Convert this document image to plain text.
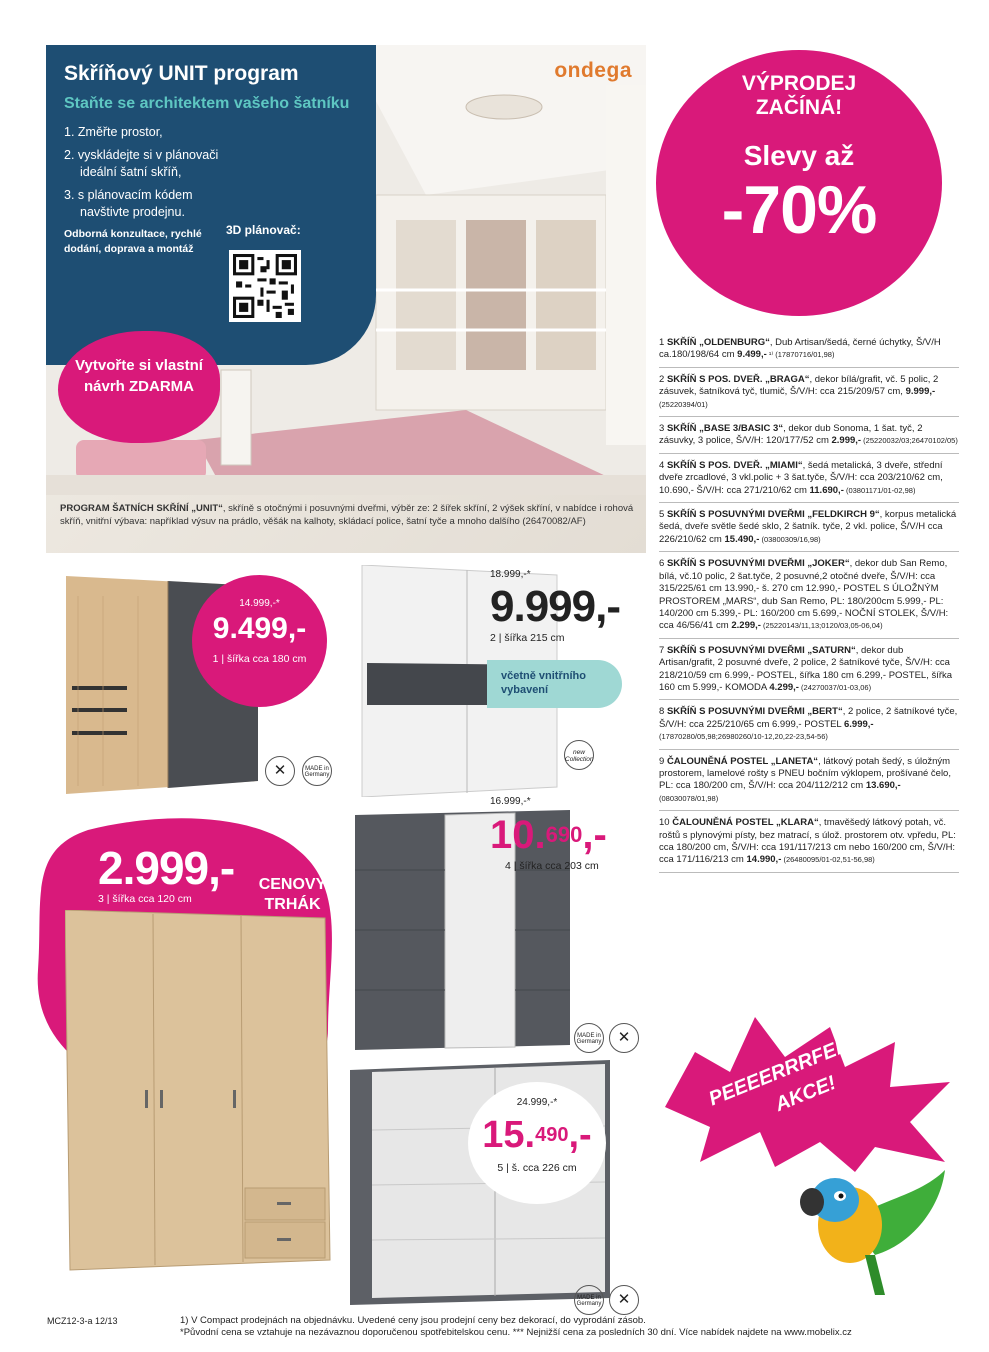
Skříňový UNIT program
Staňte se architektem vašeho šatníku
1. Změřte prostor,
2. vyskládejte si v plánovači ideální šatní skříň,
3. s plánovacím kódem navštivte prodejnu.
Odborná konzultace, rychlé dodání, doprava a montáž
3D plánovač:
ondega
Vytvořte si vlastní návrh ZDARMA
PROGRAM ŠATNÍCH SKŘÍNÍ „UNIT“, skříně s otočnými i posuvnými dveřmi, výběr ze: 2 šířek skříní, 2 výšek skříní, v nabídce i rohová skříň, vnitřní výbava: například výsuv na prádlo, věšák na kalhoty, skládací police, šatní tyče a mnoho dalšího (26470082/AF)
VÝPRODEJ ZAČÍNÁ!
Slevy až
-70%
1 SKŘÍŇ „OLDENBURG“, Dub Artisan/šedá, černé úchytky, Š/V/H ca.180/198/64 cm 9.499,- ¹⁾ (17870716/01,98)
2 SKŘÍŇ S POS. DVEŘ. „BRAGA“, dekor bílá/grafit, vč. 5 polic, 2 zásuvek, šatníková tyč, tlumič, Š/V/H: cca 215/209/57 cm, 9.999,- (25220394/01)
3 SKŘÍŇ „BASE 3/BASIC 3“, dekor dub Sonoma, 1 šat. tyč, 2 zásuvky, 3 police, Š/V/H: 120/177/52 cm 2.999,- (25220032/03;26470102/05)
4 SKŘÍŇ S POS. DVEŘ. „MIAMI“, šedá metalická, 3 dveře, střední dveře zrcadlové, 3 vkl.polic + 3 šat.tyče, Š/V/H: cca 203/210/62 cm, 10.690,- Š/V/H: cca 271/210/62 cm 11.690,- (03801171/01-02,98)
5 SKŘÍŇ S POSUVNÝMI DVEŘMI „FELDKIRCH 9“, korpus metalická šedá, dveře světle šedé sklo, 2 šatník. tyče, 2 vkl. police, Š/V/H cca 226/210/62 cm 15.490,- (03800309/16,98)
6 SKŘÍŇ S POSUVNÝMI DVEŘMI „JOKER“, dekor dub San Remo, bílá, vč.10 polic, 2 šat.tyče, 2 posuvné,2 otočné dveře, Š/V/H: cca 315/225/61 cm 13.990,- š. 270 cm 12.990,- POSTEL S ÚLOŽNÝM PROSTOREM „MARS“, dub San Remo, PL: 180/200cm 5.999,- PL: 140/200 cm 5.399,- PL: 160/200 cm 5.699,- NOČNÍ STOLEK, Š/V/H: cca 46/56/41 cm 2.299,- (25220143/11,13;0120/03,05-06,04)
7 SKŘÍŇ S POSUVNÝMI DVEŘMI „SATURN“, dekor dub Artisan/grafit, 2 posuvné dveře, 2 police, 2 šatníkové tyče, Š/V/H: cca 218/210/59 cm 6.999,- POSTEL, šířka 180 cm 6.299,- POSTEL, šířka 160 cm 5.999,- KOMODA 4.299,- (24270037/01-03,06)
8 SKŘÍŇ S POSUVNÝMI DVEŘMI „BERT“, 2 police, 2 šatníkové tyče, Š/V/H: cca 225/210/65 cm 6.999,- POSTEL 6.999,- (17870280/05,98;26980260/10-12,20,22-23,54-56)
9 ČALOUNĚNÁ POSTEL „LANETA“, látkový potah šedý, s úložným prostorem, lamelové rošty s PNEU bočním výklopem, prošívané čelo, PL: cca 180/200 cm, Š/V/H: cca 204/112/212 cm 13.690,- (08030078/01,98)
10 ČALOUNĚNÁ POSTEL „KLARA“, tmavěšedý látkový potah, vč. roštů s plynovými písty, bez matrací, s úlož. prostorem otv. vpředu, PL: cca 180/200 cm, Š/V/H: cca 191/117/213 cm nebo 160/200 cm, Š/V/H: cca 171/116/213 cm 14.990,- (26480095/01-02,51-56,98)
14.999,-*
9.499,-
1 | šířka cca 180 cm
✕	MADE in Germany
18.999,-*
9.999,-
2 | šířka 215 cm
včetně vnitřního vybavení
new Collection
2.999,-
3 | šířka cca 120 cm
CENOVÝ TRHÁK
16.999,-*
10.690,-
4 | šířka cca 203 cm
MADE in Germany	✕
24.999,-*
15.490,-
5 | š. cca 226 cm
MADE in Germany	✕
PEEEERRRFEKTNÍ AKCE!
MCZ12-3-a 12/13	1) V Compact prodejnách na objednávku. Uvedené ceny jsou prodejní ceny bez dekorací, do vyprodání zásob.
*Původní cena se vztahuje na nezávaznou doporučenou spotřebitelskou cenu. *** Nejnižší cena za posledních 30 dní. Více nabídek najdete na www.mobelix.cz
